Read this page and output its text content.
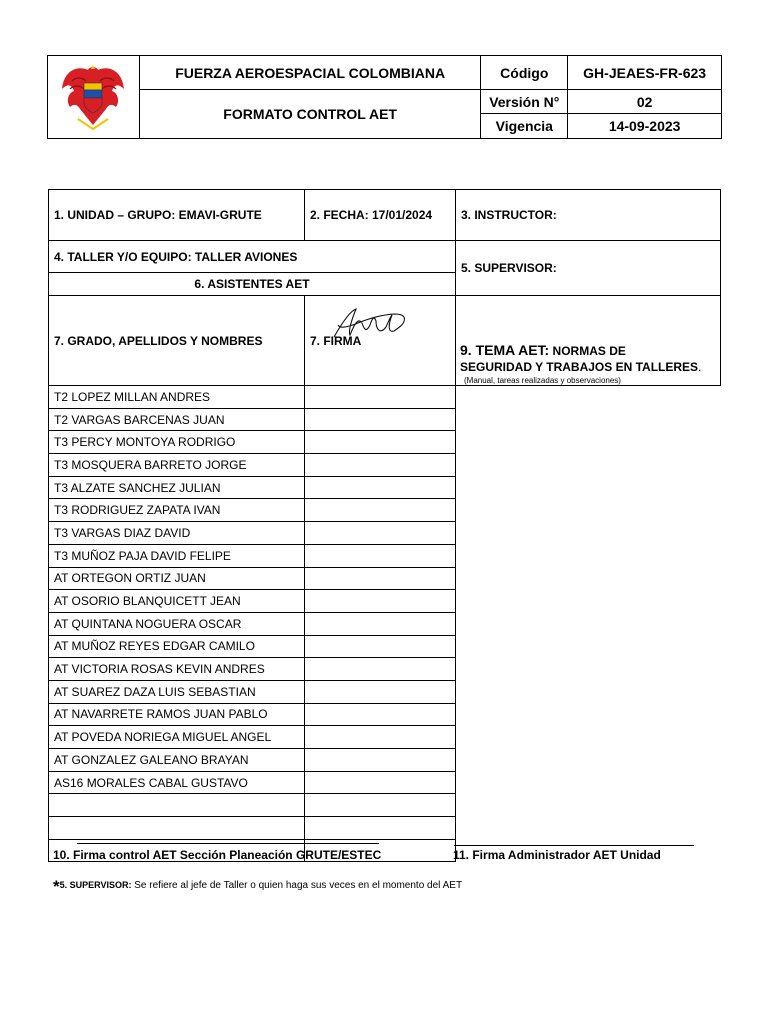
	FUERZA AEROESPACIAL COLOMBIANA	Código	GH-JEAES-FR-623
	FORMATO CONTROL AET	Versión N°	02
		Vigencia	14-09-2023
1. UNIDAD – GRUPO: EMAVI-GRUTE	2. FECHA: 17/01/2024	3. INSTRUCTOR:
4. TALLER Y/O EQUIPO: TALLER AVIONES		5. SUPERVISOR:
6. ASISTENTES AET		
7. GRADO, APELLIDOS Y NOMBRES	7. FIRMA	9. TEMA AET: NORMAS DE
SEGURIDAD Y TRABAJOS EN TALLERES.
(Manual, tareas realizadas y observaciones)

T2 LOPEZ MILLAN ANDRES		
T2 VARGAS BARCENAS JUAN		
T3 PERCY MONTOYA RODRIGO		
T3 MOSQUERA BARRETO JORGE		
T3 ALZATE SANCHEZ JULIAN		
T3 RODRIGUEZ ZAPATA IVAN		
T3 VARGAS DIAZ DAVID		
T3 MUÑOZ PAJA DAVID FELIPE		
AT ORTEGON ORTIZ JUAN		
AT OSORIO BLANQUICETT JEAN		
AT QUINTANA NOGUERA OSCAR		
AT MUÑOZ REYES EDGAR CAMILO		
AT VICTORIA ROSAS KEVIN ANDRES		
AT SUAREZ DAZA LUIS SEBASTIAN		
AT NAVARRETE RAMOS JUAN PABLO		
AT POVEDA NORIEGA MIGUEL ANGEL		
AT GONZALEZ GALEANO BRAYAN		
AS16 MORALES CABAL GUSTAVO		

10. Firma control AET Sección Planeación GRUTE/ESTEC	11. Firma Administrador AET Unidad
*5. SUPERVISOR: Se refiere al jefe de Taller o quien haga sus veces en el momento del AET
